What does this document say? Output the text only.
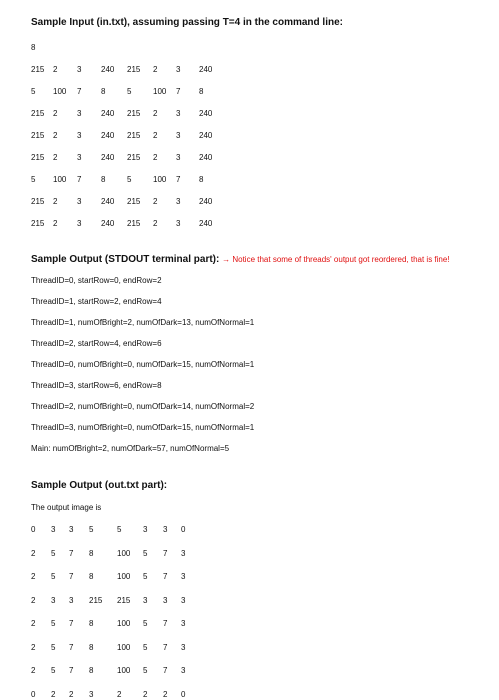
Sample Input (in.txt), assuming passing T=4 in the command line:
8
215 2 3 240 215 2 3 240
5 100 7 8	5	100 7 8
215 2 3 240 215 2 3 240
215 2 3 240 215 2 3 240
215 2 3 240 215 2 3 240
5 100 7 8	5	100 7 8
215 2 3 240 215 2 3 240
215 2 3 240 215 2 3 240
Sample Output (STDOUT terminal part): → Notice that some of threads' output got reordered, that is fine!
ThreadID=0, startRow=0, endRow=2
ThreadID=1, startRow=2, endRow=4
ThreadID=1, numOfBright=2, numOfDark=13, numOfNormal=1
ThreadID=2, startRow=4, endRow=6
ThreadID=0, numOfBright=0, numOfDark=15, numOfNormal=1
ThreadID=3, startRow=6, endRow=8
ThreadID=2, numOfBright=0, numOfDark=14, numOfNormal=2
ThreadID=3, numOfBright=0, numOfDark=15, numOfNormal=1
Main: numOfBright=2, numOfDark=57, numOfNormal=5
Sample Output (out.txt part):
The output image is
0 3 3 5	5	3 3 0
2 5 7 8	100 5 7 3
2 5 7 8	100 5 7 3
2 3 3 215 215 3 3 3
2 5 7 8	100 5 7 3
2 5 7 8	100 5 7 3
2 5 7 8	100 5 7 3
0 2 2 3	2	2 2 0
